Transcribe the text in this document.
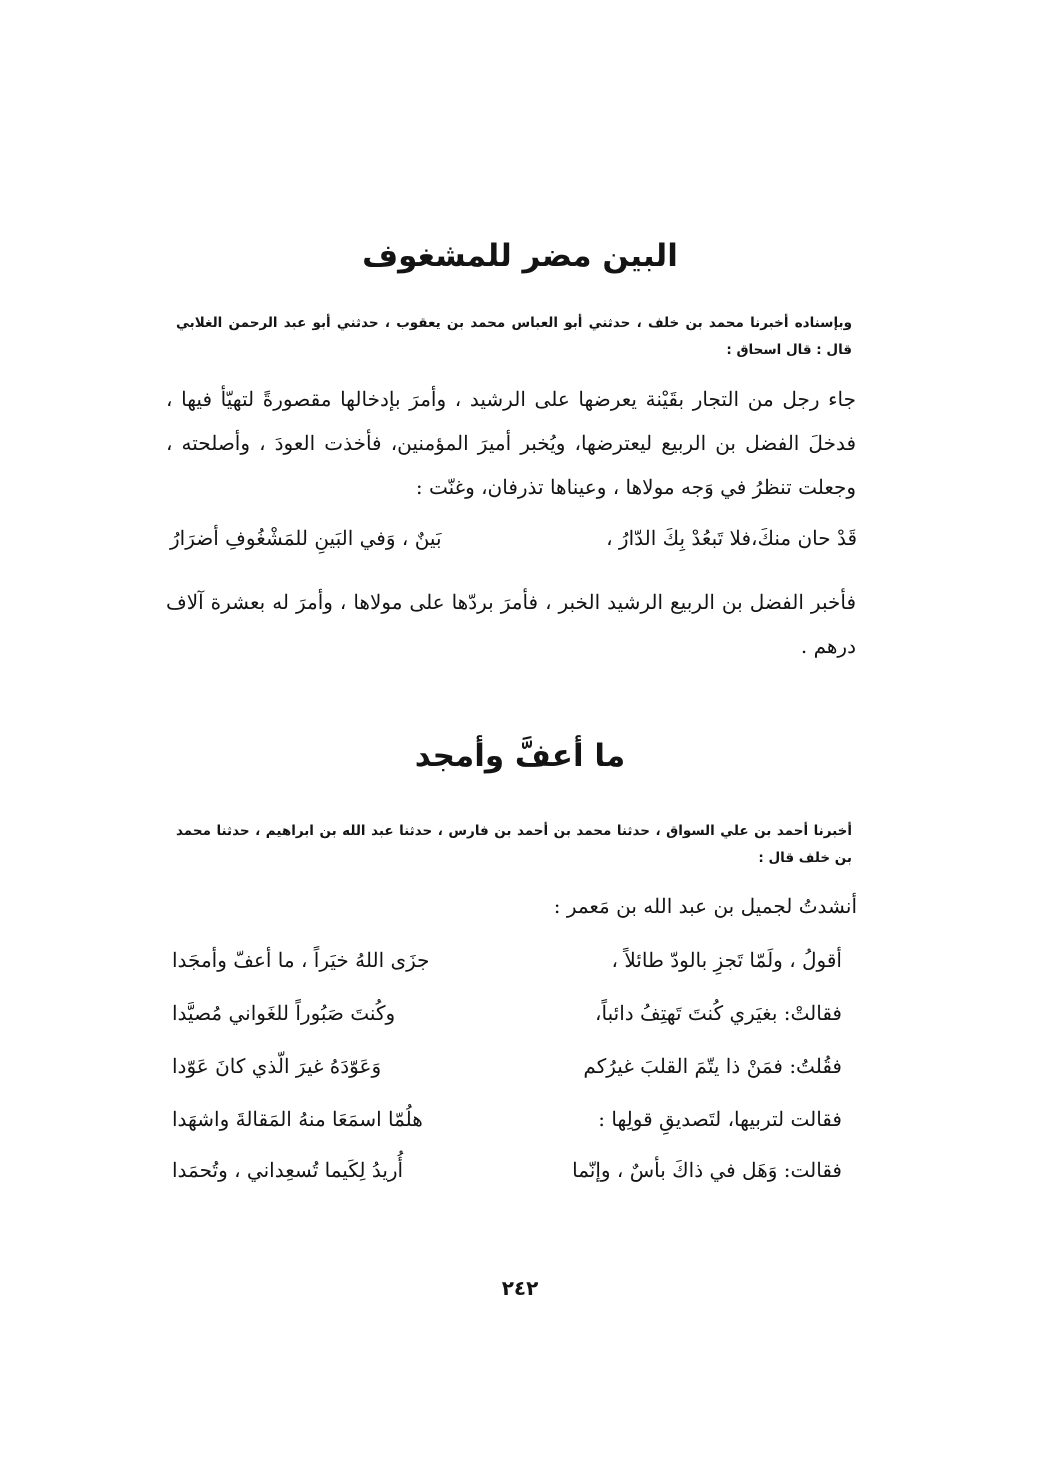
البين مضر للمشغوف
وبإسناده أخبرنا محمد بن خلف ، حدثني أبو العباس محمد بن يعقوب ، حدثني أبو عبد الرحمن الغلابي قال : قال اسحاق :
جاء رجل من التجار بقَيْنة يعرضها على الرشيد ، وأمرَ بإدخالها مقصورةً لتهيّأ فيها ، فدخلَ الفضل بن الربيع ليعترضها، ويُخبر أميرَ المؤمنين، فأخذت العودَ ، وأصلحته ، وجعلت تنظرُ في وَجه مولاها ، وعيناها تذرفان، وغنّت :
قَدْ حان منكَ،فلا تَبعُدْ بِكَ الدّارُ ،
بَينٌ ، وَفي البَينِ للمَشْغُوفِ أضرَارُ
فأخبر الفضل بن الربيع الرشيد الخبر ، فأمرَ بردّها على مولاها ، وأمرَ له بعشرة آلاف درهم .
ما أعفَّ وأمجد
أخبرنا أحمد بن علي السواق ، حدثنا محمد بن أحمد بن فارس ، حدثنا عبد الله بن ابراهيم ، حدثنا محمد بن خلف قال :
أنشدتُ لجميل بن عبد الله بن مَعمر :
أقولُ ، ولَمّا تَجزِ بالودّ طائلاً ،
جزَى اللهُ خيَراً ، ما أعفّ وأمجَدا
فقالتْ: بغيَري كُنتَ تَهتِفُ دائباً،
وكُنتَ صَبُوراً للغَواني مُصيَّدا
فقُلتُ: فمَنْ ذا يتّمَ القلبَ غيرُكم
وَعَوّدَهُ غيرَ الّذي كانَ عَوّدا
فقالت لتربيها، لتَصديقِ قولِها :
هلُمّا اسمَعَا منهُ المَقالةَ واشهَدا
فقالت: وَهَل في ذاكَ بأسٌ ، وإنّما
أُريدُ لِكَيما تُسعِداني ، وتُحمَدا
٢٤٢
